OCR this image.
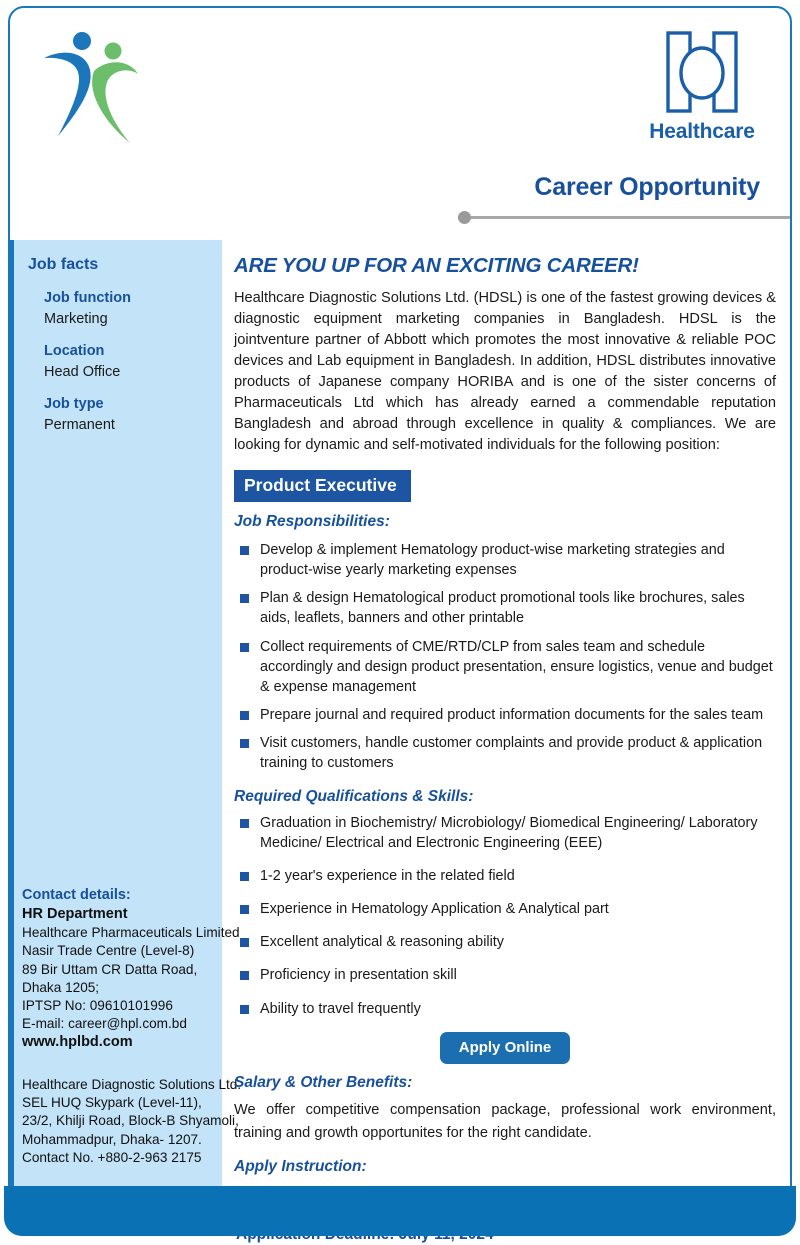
Healthcare
Career Opportunity
Job facts
Job function
Marketing
Location
Head Office
Job type
Permanent
Contact details:
HR Department
Healthcare Pharmaceuticals Limited
Nasir Trade Centre (Level-8)
89 Bir Uttam CR Datta Road,
Dhaka 1205;
IPTSP No: 09610101996
E-mail: career@hpl.com.bd
www.hplbd.com
Healthcare Diagnostic Solutions Ltd.
SEL HUQ Skypark (Level-11),
23/2, Khilji Road, Block-B Shyamoli,
Mohammadpur, Dhaka- 1207.
Contact No. +880-2-963 2175
ARE YOU UP FOR AN EXCITING CAREER!

Healthcare Diagnostic Solutions Ltd. (HDSL) is one of the fastest growing devices & diagnostic equipment marketing companies in Bangladesh. HDSL is the jointventure partner of Abbott which promotes the most innovative & reliable POC devices and Lab equipment in Bangladesh. In addition, HDSL distributes innovative products of Japanese company HORIBA and is one of the sister concerns of Pharmaceuticals Ltd which has already earned a commendable reputation Bangladesh and abroad through excellence in quality & compliances. We are looking for dynamic and self-motivated individuals for the following position:

Product Executive
Job Responsibilities:
Develop & implement Hematology product-wise marketing strategies and product-wise yearly marketing expenses
Plan & design Hematological product promotional tools like brochures, sales aids, leaflets, banners and other printable
Collect requirements of CME/RTD/CLP from sales team and schedule accordingly and design product presentation, ensure logistics, venue and budget & expense management
Prepare journal and required product information documents for the sales team
Visit customers, handle customer complaints and provide product & application training to customers
Required Qualifications & Skills:
Graduation in Biochemistry/ Microbiology/ Biomedical Engineering/ Laboratory Medicine/ Electrical and Electronic Engineering (EEE)
1-2 year's experience in the related field
Experience in Hematology Application & Analytical part
Excellent analytical & reasoning ability
Proficiency in presentation skill
Ability to travel frequently
Apply Online
Salary & Other Benefits:

We offer competitive compensation package, professional work environment, training and growth opportunites for the right candidate.

Apply Instruction:
